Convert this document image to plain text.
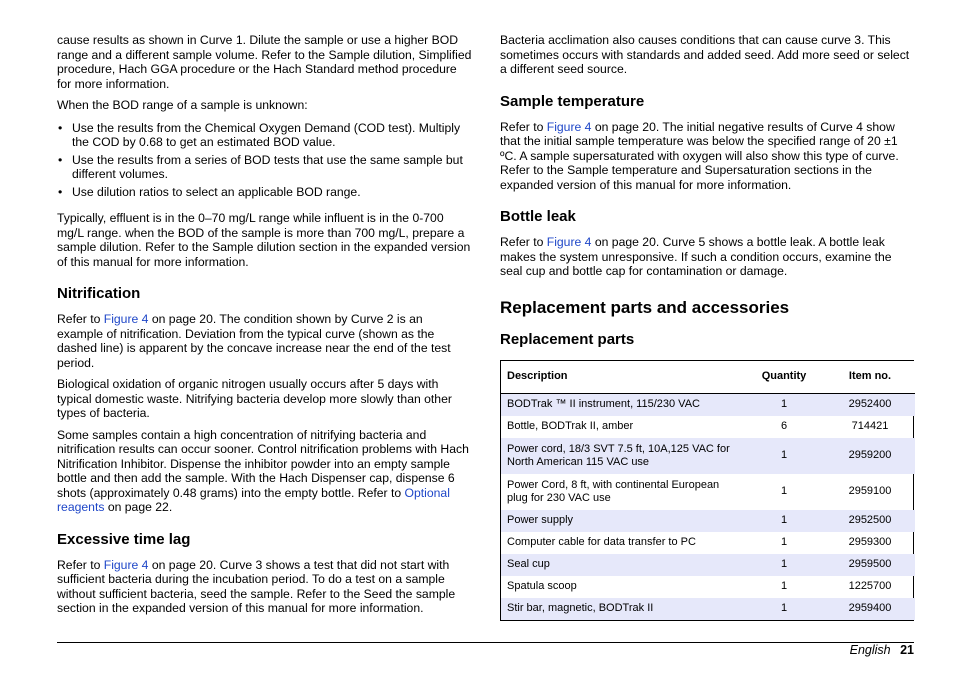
cause results as shown in Curve 1. Dilute the sample or use a higher BOD range and a different sample volume. Refer to the Sample dilution, Simplified procedure, Hach GGA procedure or the Hach Standard method procedure for more information.

When the BOD range of a sample is unknown:

• Use the results from the Chemical Oxygen Demand (COD test). Multiply the COD by 0.68 to get an estimated BOD value.
• Use the results from a series of BOD tests that use the same sample but different volumes.
• Use dilution ratios to select an applicable BOD range.

Typically, effluent is in the 0–70 mg/L range while influent is in the 0-700 mg/L range. when the BOD of the sample is more than 700 mg/L, prepare a sample dilution. Refer to the Sample dilution section in the expanded version of this manual for more information.

Nitrification

Refer to Figure 4 on page 20. The condition shown by Curve 2 is an example of nitrification. Deviation from the typical curve (shown as the dashed line) is apparent by the concave increase near the end of the test period.

Biological oxidation of organic nitrogen usually occurs after 5 days with typical domestic waste. Nitrifying bacteria develop more slowly than other types of bacteria.

Some samples contain a high concentration of nitrifying bacteria and nitrification results can occur sooner. Control nitrification problems with Hach Nitrification Inhibitor. Dispense the inhibitor powder into an empty sample bottle and then add the sample. With the Hach Dispenser cap, dispense 6 shots (approximately 0.48 grams) into the empty bottle. Refer to Optional reagents on page 22.

Excessive time lag

Refer to Figure 4 on page 20. Curve 3 shows a test that did not start with sufficient bacteria during the incubation period. To do a test on a sample without sufficient bacteria, seed the sample. Refer to the Seed the sample section in the expanded version of this manual for more information.

Bacteria acclimation also causes conditions that can cause curve 3. This sometimes occurs with standards and added seed. Add more seed or select a different seed source.

Sample temperature

Refer to Figure 4 on page 20. The initial negative results of Curve 4 show that the initial sample temperature was below the specified range of 20 ±1 ºC. A sample supersaturated with oxygen will also show this type of curve. Refer to the Sample temperature and Supersaturation sections in the expanded version of this manual for more information.

Bottle leak

Refer to Figure 4 on page 20. Curve 5 shows a bottle leak. A bottle leak makes the system unresponsive. If such a condition occurs, examine the seal cup and bottle cap for contamination or damage.

Replacement parts and accessories
Replacement parts
Description	Quantity	Item no.
BODTrak ™ II instrument, 115/230 VAC	1	2952400
Bottle, BODTrak II, amber	6	714421
Power cord, 18/3 SVT 7.5 ft, 10A,125 VAC for North American 115 VAC use	1	2959200
Power Cord, 8 ft, with continental European plug for 230 VAC use	1	2959100
Power supply	1	2952500
Computer cable for data transfer to PC	1	2959300
Seal cup	1	2959500
Spatula scoop	1	1225700
Stir bar, magnetic, BODTrak II	1	2959400
English 21
